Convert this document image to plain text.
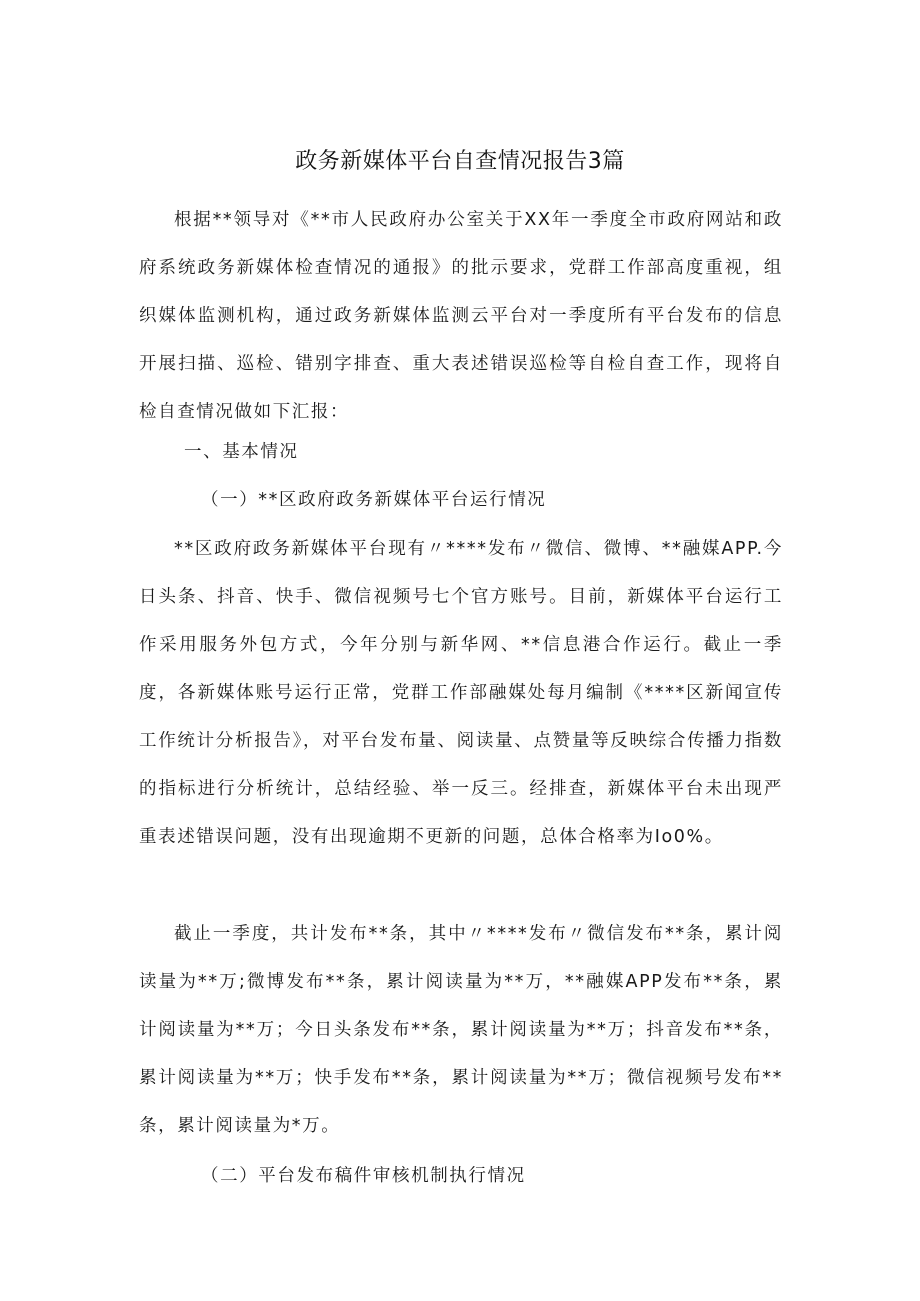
政务新媒体平台自查情况报告3篇

根据**领导对《**市人民政府办公室关于XX年一季度全市政府网站和政府系统政务新媒体检查情况的通报》的批示要求，党群工作部高度重视，组织媒体监测机构，通过政务新媒体监测云平台对一季度所有平台发布的信息开展扫描、巡检、错别字排查、重大表述错误巡检等自检自查工作，现将自检自查情况做如下汇报：

一、基本情况

（一）**区政府政务新媒体平台运行情况

**区政府政务新媒体平台现有〃****发布〃微信、微博、**融媒APP.今日头条、抖音、快手、微信视频号七个官方账号。目前，新媒体平台运行工作采用服务外包方式，今年分别与新华网、**信息港合作运行。截止一季度，各新媒体账号运行正常，党群工作部融媒处每月编制《****区新闻宣传工作统计分析报告》，对平台发布量、阅读量、点赞量等反映综合传播力指数的指标进行分析统计，总结经验、举一反三。经排查，新媒体平台未出现严重表述错误问题，没有出现逾期不更新的问题，总体合格率为Io0%。

截止一季度，共计发布**条，其中〃****发布〃微信发布**条，累计阅读量为**万;微博发布**条，累计阅读量为**万，**融媒APP发布**条，累计阅读量为**万；今日头条发布**条，累计阅读量为**万；抖音发布**条，累计阅读量为**万；快手发布**条，累计阅读量为**万；微信视频号发布**条，累计阅读量为*万。

（二）平台发布稿件审核机制执行情况
